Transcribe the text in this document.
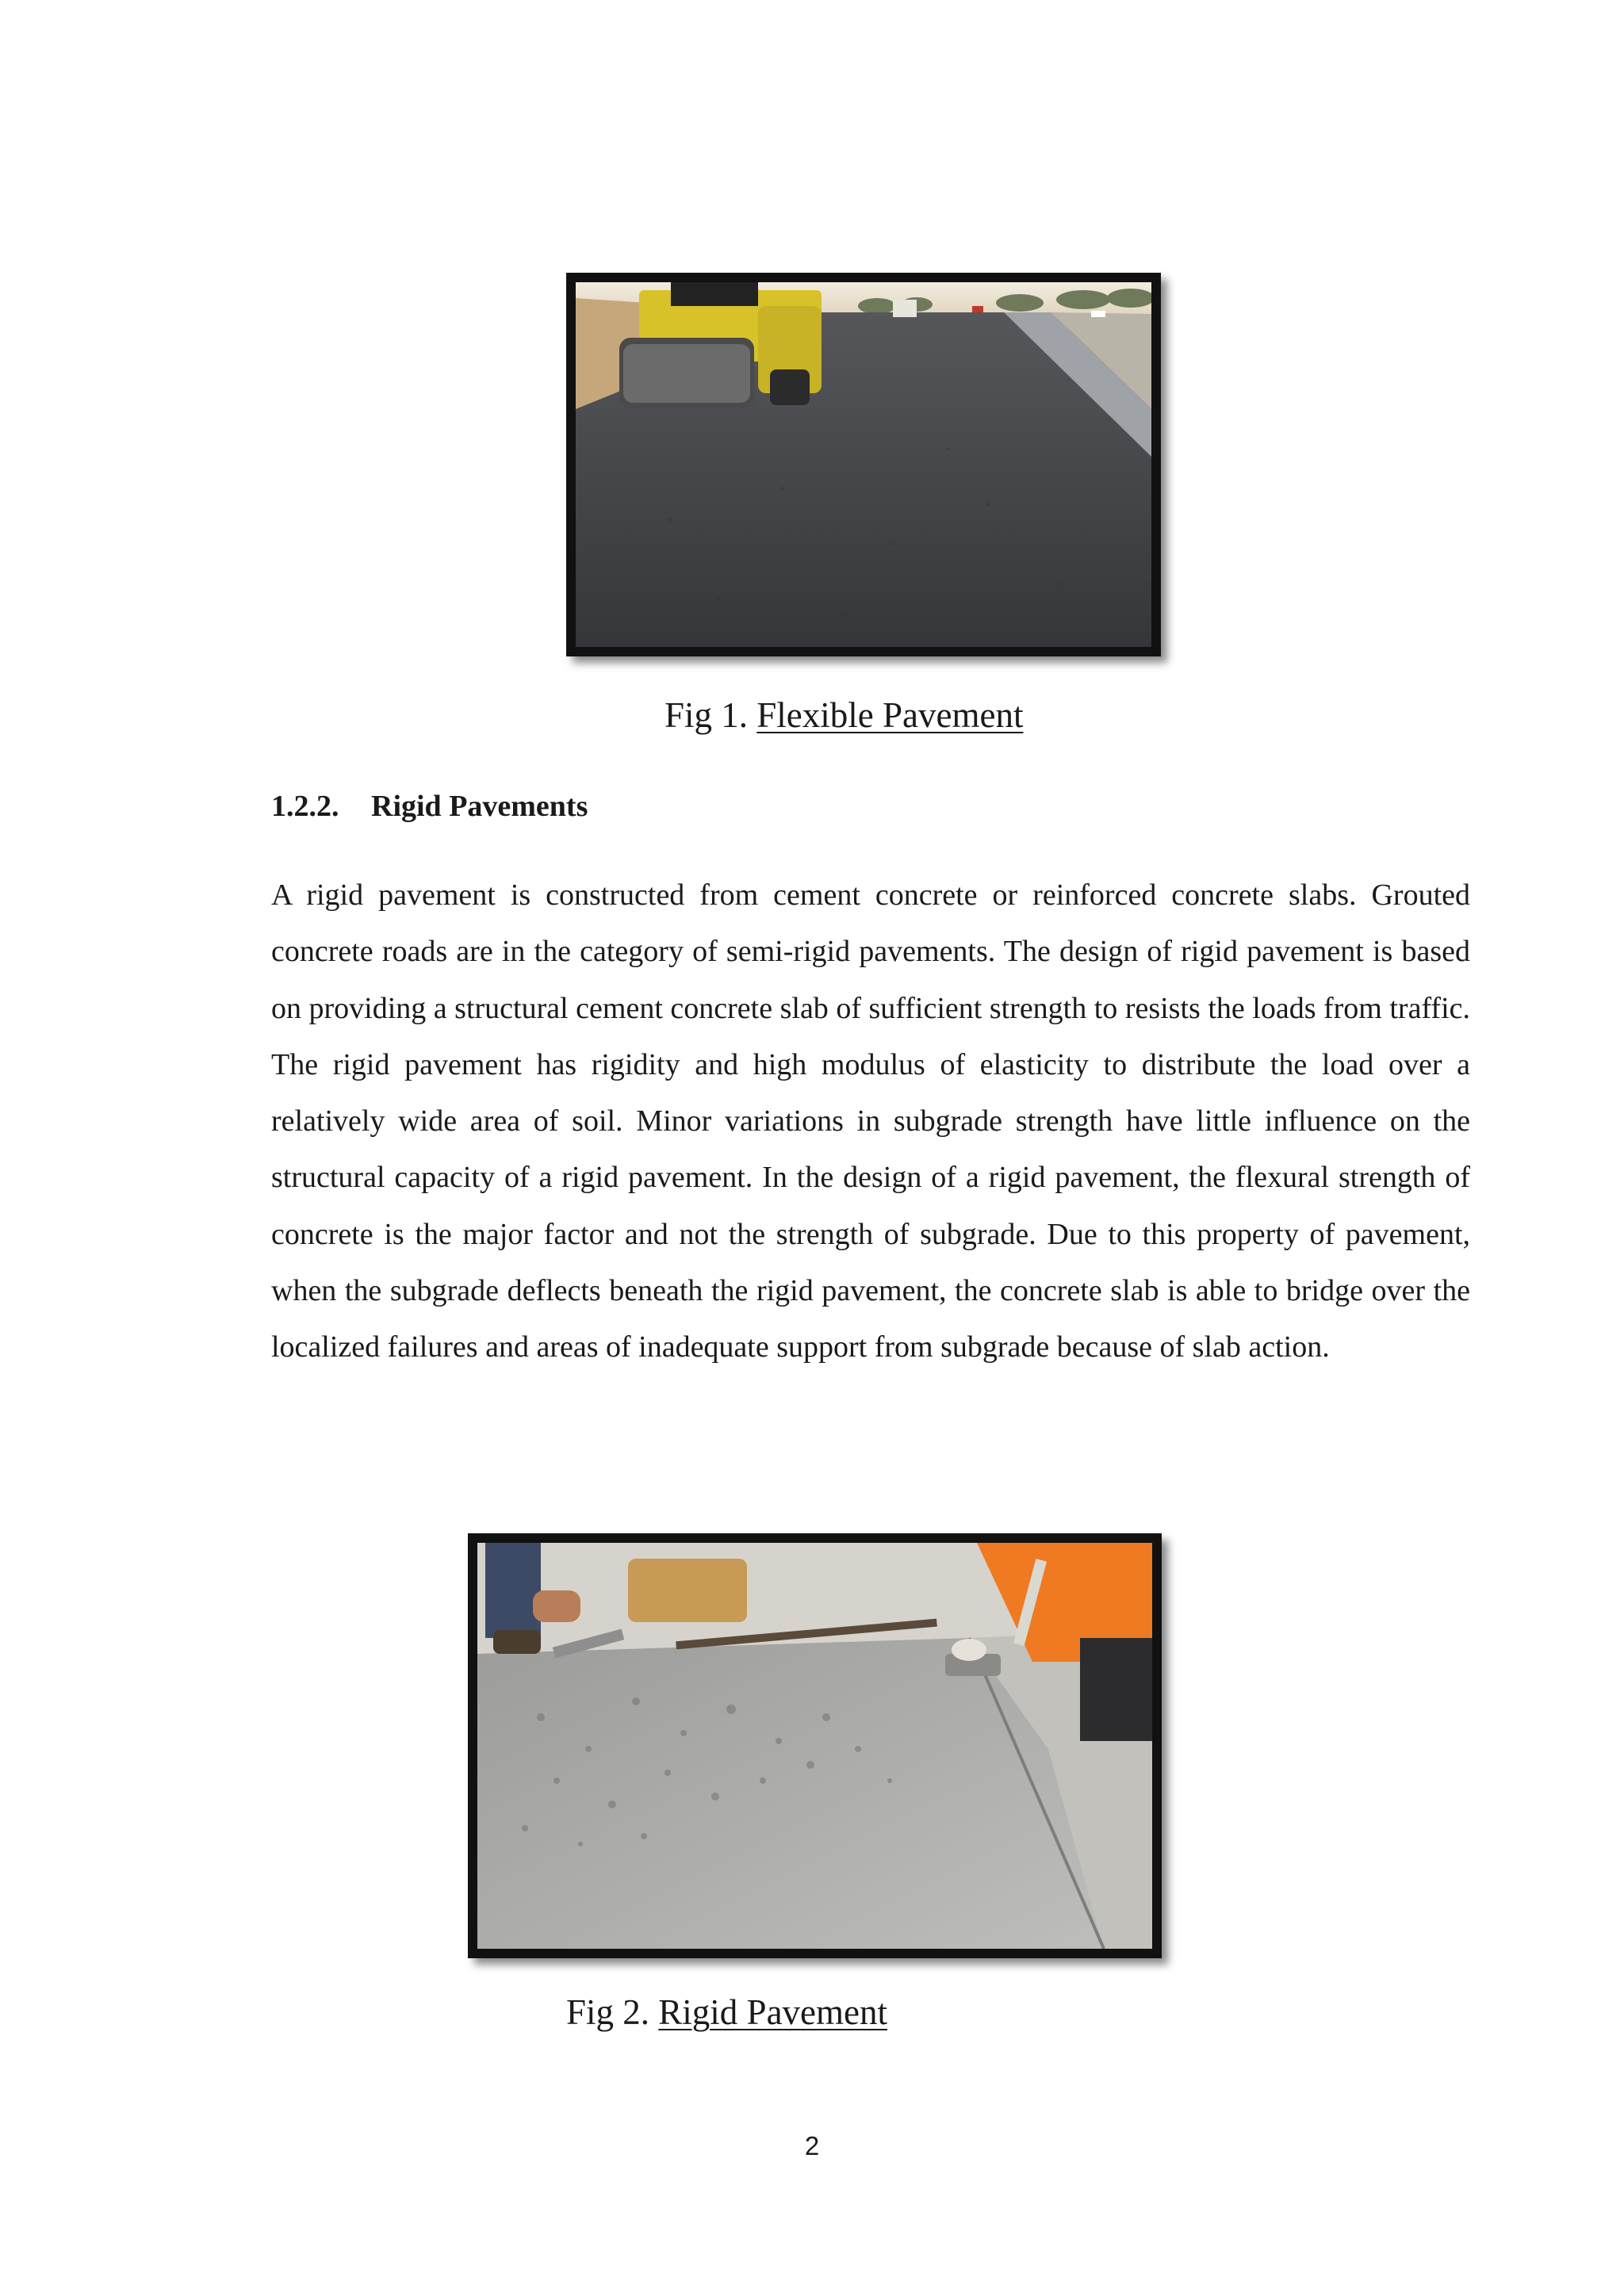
Fig 1. Flexible Pavement
1.2.2. Rigid Pavements

A rigid pavement is constructed from cement concrete or reinforced concrete slabs. Grouted concrete roads are in the category of semi-rigid pavements. The design of rigid pavement is based on providing a structural cement concrete slab of sufficient strength to resists the loads from traffic. The rigid pavement has rigidity and high modulus of elasticity to distribute the load over a relatively wide area of soil. Minor variations in subgrade strength have little influence on the structural capacity of a rigid pavement. In the design of a rigid pavement, the flexural strength of concrete is the major factor and not the strength of subgrade. Due to this property of pavement, when the subgrade deflects beneath the rigid pavement, the concrete slab is able to bridge over the localized failures and areas of inadequate support from subgrade because of slab action.

Fig 2. Rigid Pavement
2
